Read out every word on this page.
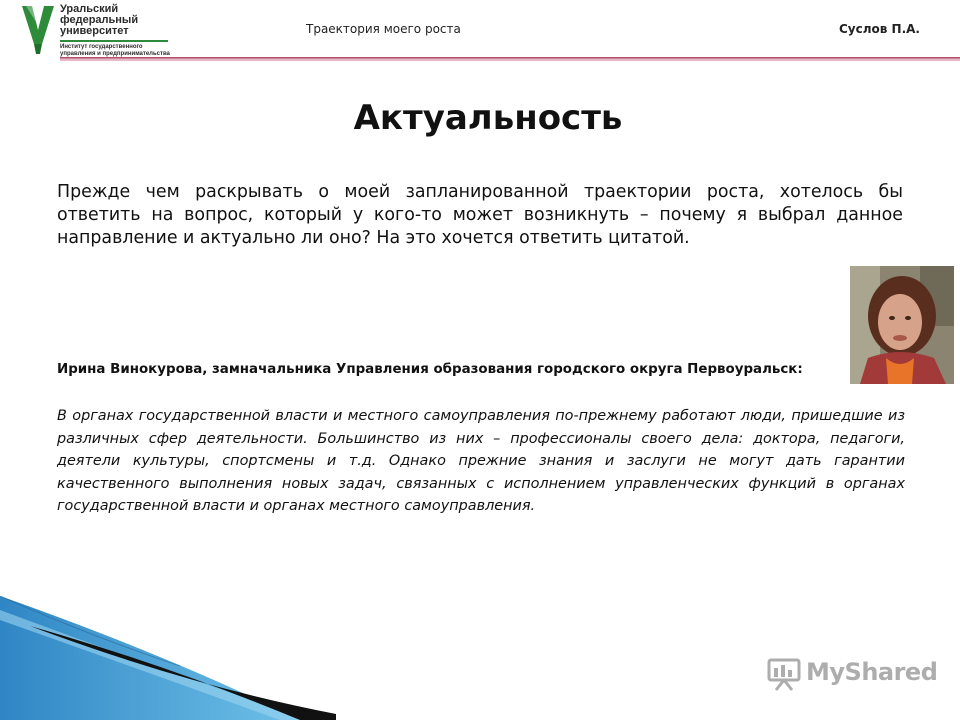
Уральский
федеральный
университет
Институт государственного
управления и предпринимательства
Траектория моего роста	Суслов П.А.
Актуальность
Прежде чем раскрывать о моей запланированной траектории роста, хотелось бы ответить на вопрос, который у кого-то может возникнуть – почему я выбрал данное направление и актуально ли оно? На это хочется ответить цитатой.
Ирина Винокурова, замначальника Управления образования городского округа Первоуральск:
В органах государственной власти и местного самоуправления по-прежнему работают люди, пришедшие из различных сфер деятельности. Большинство из них – профессионалы своего дела: доктора, педагоги, деятели культуры, спортсмены и т.д. Однако прежние знания и заслуги не могут дать гарантии качественного выполнения новых задач, связанных с исполнением управленческих функций в органах государственной власти и органах местного самоуправления.
MyShared
